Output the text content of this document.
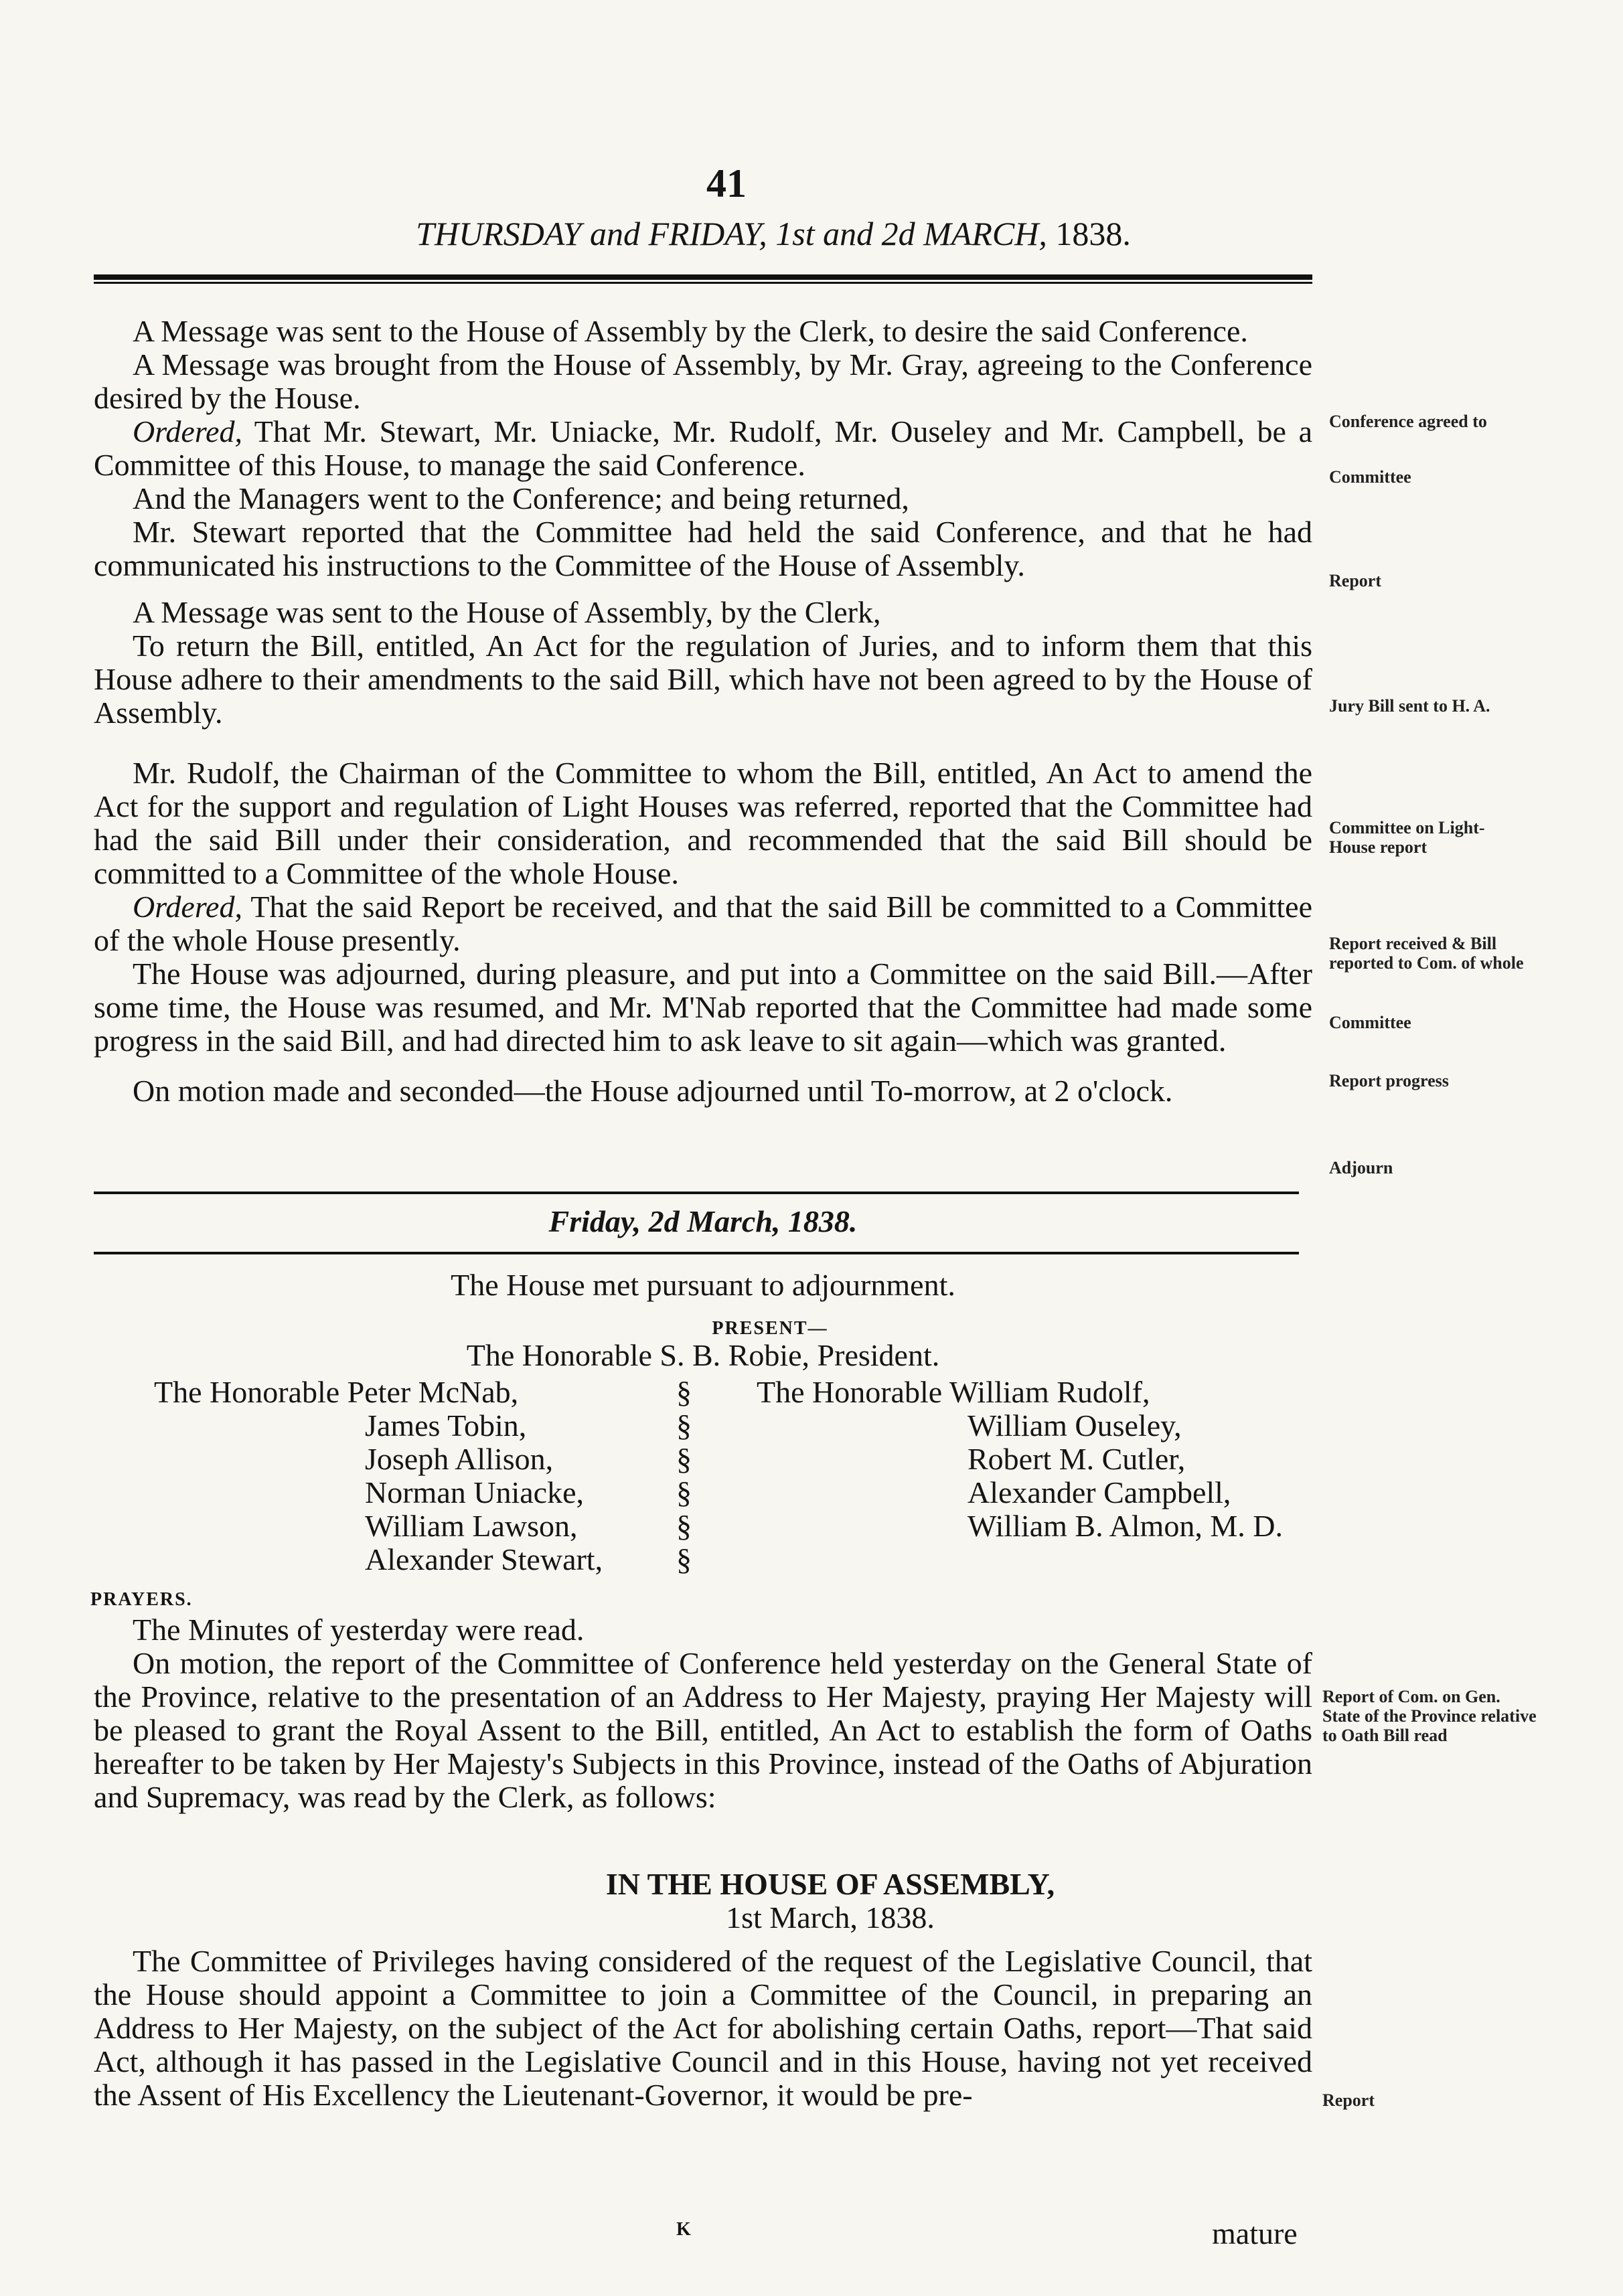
41
THURSDAY and FRIDAY, 1st and 2d MARCH, 1838.

A Message was sent to the House of Assembly by the Clerk, to desire the said Conference.

A Message was brought from the House of Assembly, by Mr. Gray, agreeing to the Conference desired by the House.

Ordered, That Mr. Stewart, Mr. Uniacke, Mr. Rudolf, Mr. Ouseley and Mr. Campbell, be a Committee of this House, to manage the said Conference.

And the Managers went to the Conference; and being returned,

Mr. Stewart reported that the Committee had held the said Conference, and that he had communicated his instructions to the Committee of the House of Assembly.

A Message was sent to the House of Assembly, by the Clerk,

To return the Bill, entitled, An Act for the regulation of Juries, and to inform them that this House adhere to their amendments to the said Bill, which have not been agreed to by the House of Assembly.

Mr. Rudolf, the Chairman of the Committee to whom the Bill, entitled, An Act to amend the Act for the support and regulation of Light Houses was referred, reported that the Committee had had the said Bill under their consideration, and recommended that the said Bill should be committed to a Committee of the whole House.

Ordered, That the said Report be received, and that the said Bill be committed to a Committee of the whole House presently.

The House was adjourned, during pleasure, and put into a Committee on the said Bill.—After some time, the House was resumed, and Mr. M'Nab reported that the Committee had made some progress in the said Bill, and had directed him to ask leave to sit again—which was granted.

On motion made and seconded—the House adjourned until To-morrow, at 2 o'clock.

Friday, 2d March, 1838.
The House met pursuant to adjournment.
PRESENT—
The Honorable S. B. Robie, President.
The Honorable Peter McNab,
James Tobin,
Joseph Allison,
Norman Uniacke,
William Lawson,
Alexander Stewart,
§
§
§
§
§
§
The Honorable William Rudolf,
William Ouseley,
Robert M. Cutler,
Alexander Campbell,
William B. Almon, M. D.
PRAYERS.

The Minutes of yesterday were read.

On motion, the report of the Committee of Conference held yesterday on the General State of the Province, relative to the presentation of an Address to Her Majesty, praying Her Majesty will be pleased to grant the Royal Assent to the Bill, entitled, An Act to establish the form of Oaths hereafter to be taken by Her Majesty's Subjects in this Province, instead of the Oaths of Abjuration and Supremacy, was read by the Clerk, as follows:

IN THE HOUSE OF ASSEMBLY,
1st March, 1838.

The Committee of Privileges having considered of the request of the Legislative Council, that the House should appoint a Committee to join a Committee of the Council, in preparing an Address to Her Majesty, on the subject of the Act for abolishing certain Oaths, report—That said Act, although it has passed in the Legislative Council and in this House, having not yet received the Assent of His Excellency the Lieutenant-Governor, it would be pre-

K	mature
Conference agreed to
Committee
Report
Jury Bill sent to H. A.
Committee on Light-House report
Report received & Bill reported to Com. of whole
Committee
Report progress
Adjourn
Report of Com. on Gen. State of the Province relative to Oath Bill read
Report
